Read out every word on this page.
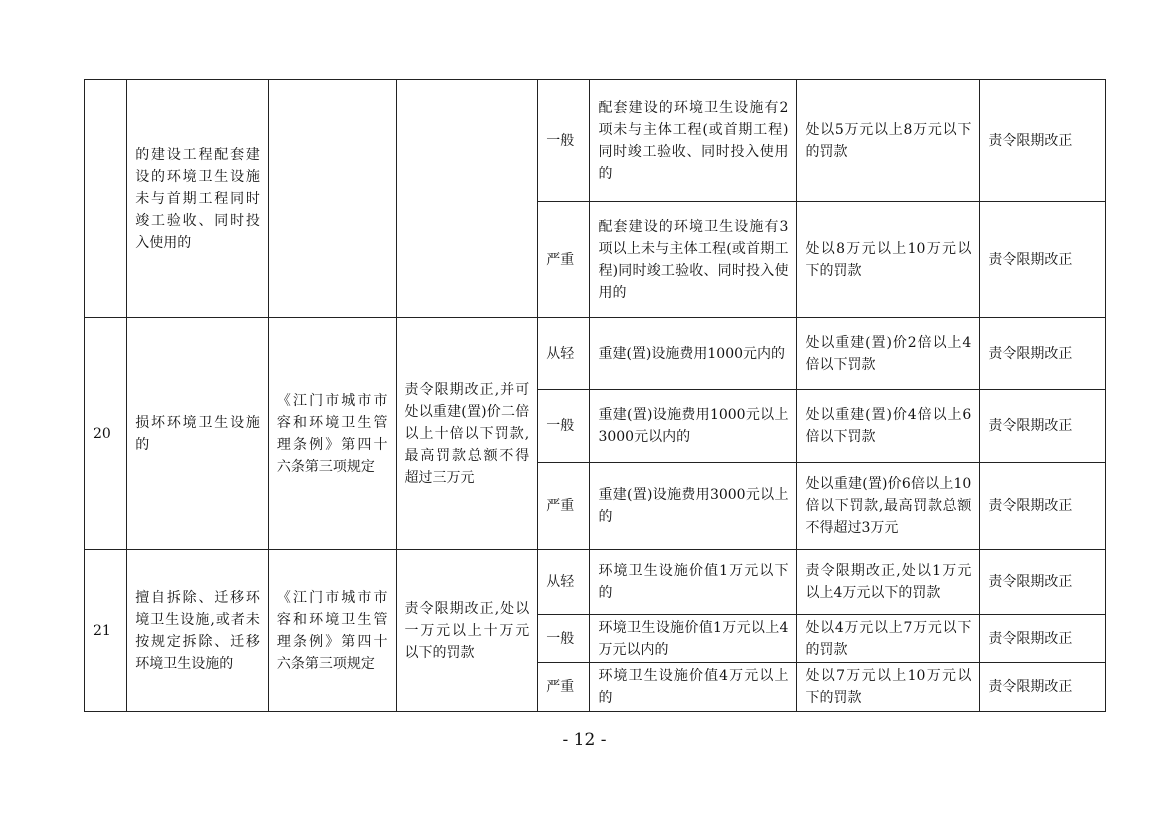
	的建设工程配套建设的环境卫生设施未与首期工程同时竣工验收、同时投入使用的			一般	配套建设的环境卫生设施有2项未与主体工程(或首期工程)同时竣工验收、同时投入使用的	处以5万元以上8万元以下的罚款	责令限期改正
				严重	配套建设的环境卫生设施有3项以上未与主体工程(或首期工程)同时竣工验收、同时投入使用的	处以8万元以上10万元以下的罚款	责令限期改正
20	损坏环境卫生设施的	《江门市城市市容和环境卫生管理条例》第四十六条第三项规定	责令限期改正,并可处以重建(置)价二倍以上十倍以下罚款,最高罚款总额不得超过三万元	从轻	重建(置)设施费用1000元内的	处以重建(置)价2倍以上4倍以下罚款	责令限期改正
				一般	重建(置)设施费用1000元以上3000元以内的	处以重建(置)价4倍以上6倍以下罚款	责令限期改正
				严重	重建(置)设施费用3000元以上的	处以重建(置)价6倍以上10倍以下罚款,最高罚款总额不得超过3万元	责令限期改正
21	擅自拆除、迁移环境卫生设施,或者未按规定拆除、迁移环境卫生设施的	《江门市城市市容和环境卫生管理条例》第四十六条第三项规定	责令限期改正,处以一万元以上十万元以下的罚款	从轻	环境卫生设施价值1万元以下的	责令限期改正,处以1万元以上4万元以下的罚款	责令限期改正
				一般	环境卫生设施价值1万元以上4万元以内的	处以4万元以上7万元以下的罚款	责令限期改正
				严重	环境卫生设施价值4万元以上的	处以7万元以上10万元以下的罚款	责令限期改正
- 12 -
